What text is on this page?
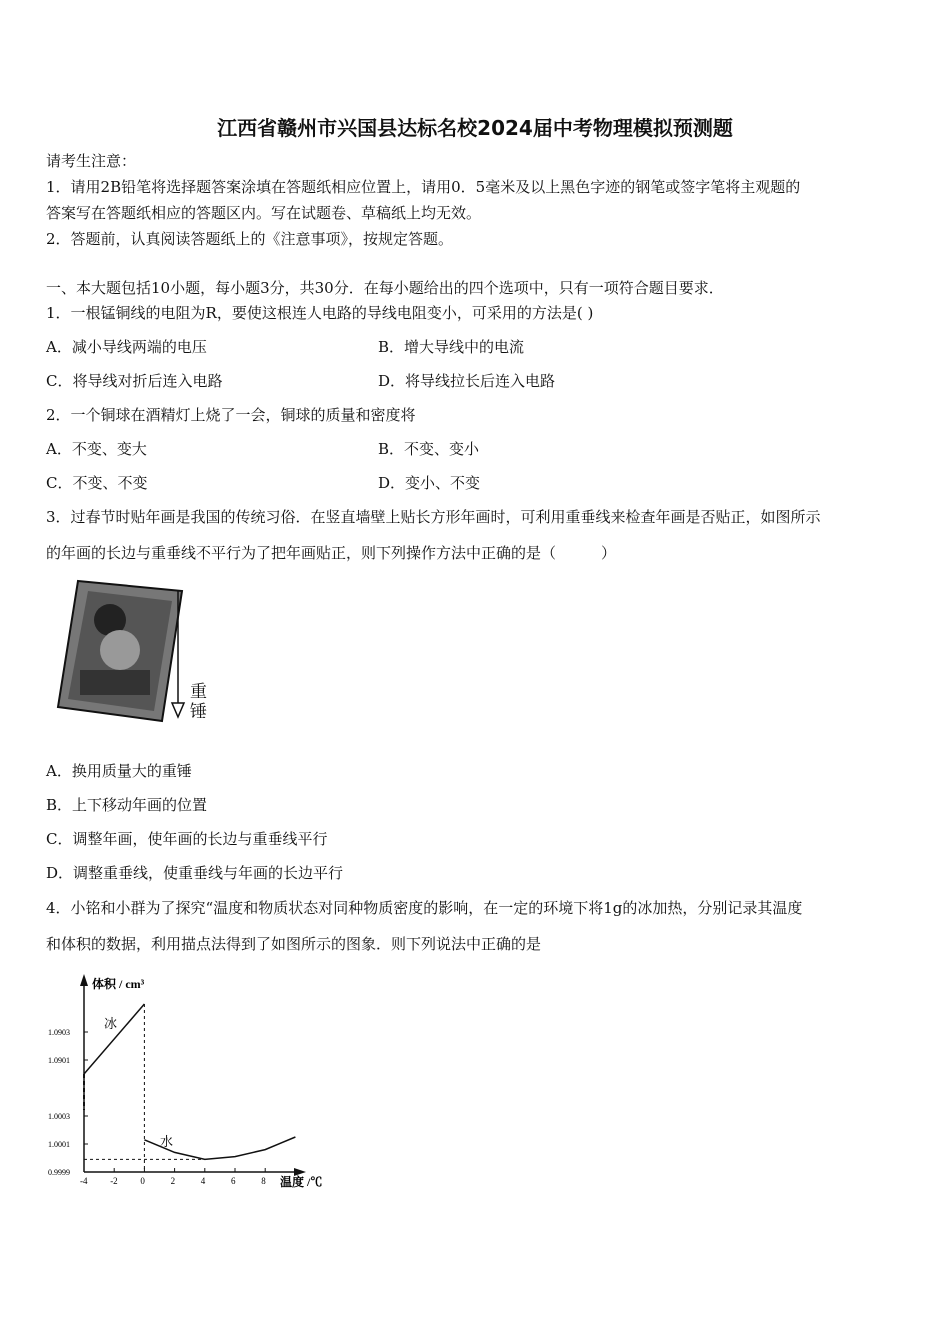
江西省赣州市兴国县达标名校2024届中考物理模拟预测题
请考生注意：
1．请用2B铅笔将选择题答案涂填在答题纸相应位置上，请用0．5毫米及以上黑色字迹的钢笔或签字笔将主观题的
答案写在答题纸相应的答题区内。写在试题卷、草稿纸上均无效。
2．答题前，认真阅读答题纸上的《注意事项》，按规定答题。
一、本大题包括10小题，每小题3分，共30分．在每小题给出的四个选项中，只有一项符合题目要求．
1．一根锰铜线的电阻为R，要使这根连人电路的导线电阻变小，可采用的方法是( )
A．减小导线两端的电压	B．增大导线中的电流
C．将导线对折后连入电路	D．将导线拉长后连入电路
2．一个铜球在酒精灯上烧了一会，铜球的质量和密度将
A．不变、变大	B．不变、变小
C．不变、不变	D．变小、不变
3．过春节时贴年画是我国的传统习俗．在竖直墙壁上贴长方形年画时，可利用重垂线来检查年画是否贴正，如图所示
的年画的长边与重垂线不平行为了把年画贴正，则下列操作方法中正确的是（　　　）
重
锤
A．换用质量大的重锤
B．上下移动年画的位置
C．调整年画，使年画的长边与重垂线平行
D．调整重垂线，使重垂线与年画的长边平行
4．小铭和小群为了探究“温度和物质状态对同种物质密度的影响，在一定的环境下将1g的冰加热，分别记录其温度
和体积的数据，利用描点法得到了如图所示的图象．则下列说法中正确的是
体积 / cm³
温度 /℃
-4	-2	0	2	4	6	8
1.0903
1.0901
1.0003
1.0001
0.9999
冰
水
